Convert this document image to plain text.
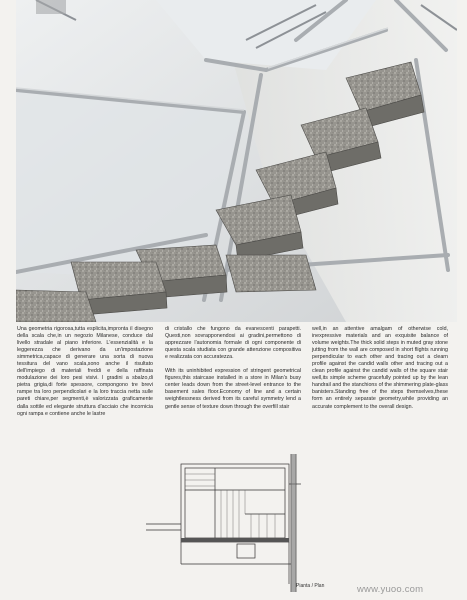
Una geometria rigorosa,tutta esplicita,impronta il disegno della scala che,in un negozio Milanese, conduce dal livello stradale al piano inferiore. L'essenzialità e la leggerezza che derivano da un'impostazione simmetrica,capace di generare una sorta di nuova tessitura del vano scala,sono anche il risultato dell'impiego di materiali freddi e della raffinata modulazione dei loro pesi visivi. I gradini a sbalzo,di pietra grigia,di forte spessore, compongono tre brevi rampe tra loro perpendicolari e la loro traccia netta sulle pareti chiare,per segmenti,è valorizzata graficamente dalla sottile ed elegante struttura d'acciaio che incornicia ogni rampa e contiene anche le lastre

di cristallo che fungono da evanescenti parapetti. Questi,non sovrapponendosi ai gradini,permettono di apprezzare l'autonomia formale di ogni componente di questa scala studiata con grande attenzione compositiva e realizzata con accuratezza.

With its uninhibited expression of stringent geometrical figures,this staircase installed in a store in Milan's busy center leads down from the street-level entrance to the basement sales floor.Economy of line and a certain weightlessness derived from its careful symmetry lend a gentle sense of texture down through the overfill stair

well,in an attentive amalgam of otherwise cold, inexpressive materials and an exquisite balance of volume weights.The thick solid steps in muted gray stone jutting from the wall are composed in short flights running perpendicular to each other and tracing out a clearn profile against the candid walls other and tracing out a clean profile against the candid walls of the square stair well,its simple scheme gracefully pointed up by the lean handrail and the stanchions of the shimmering plate-glass banisters.Standing free of the steps themselves,these form an entirely separate geometry,while providing an accurate complement to the overall design.

Pianta / Plan	www.yuoo.com
